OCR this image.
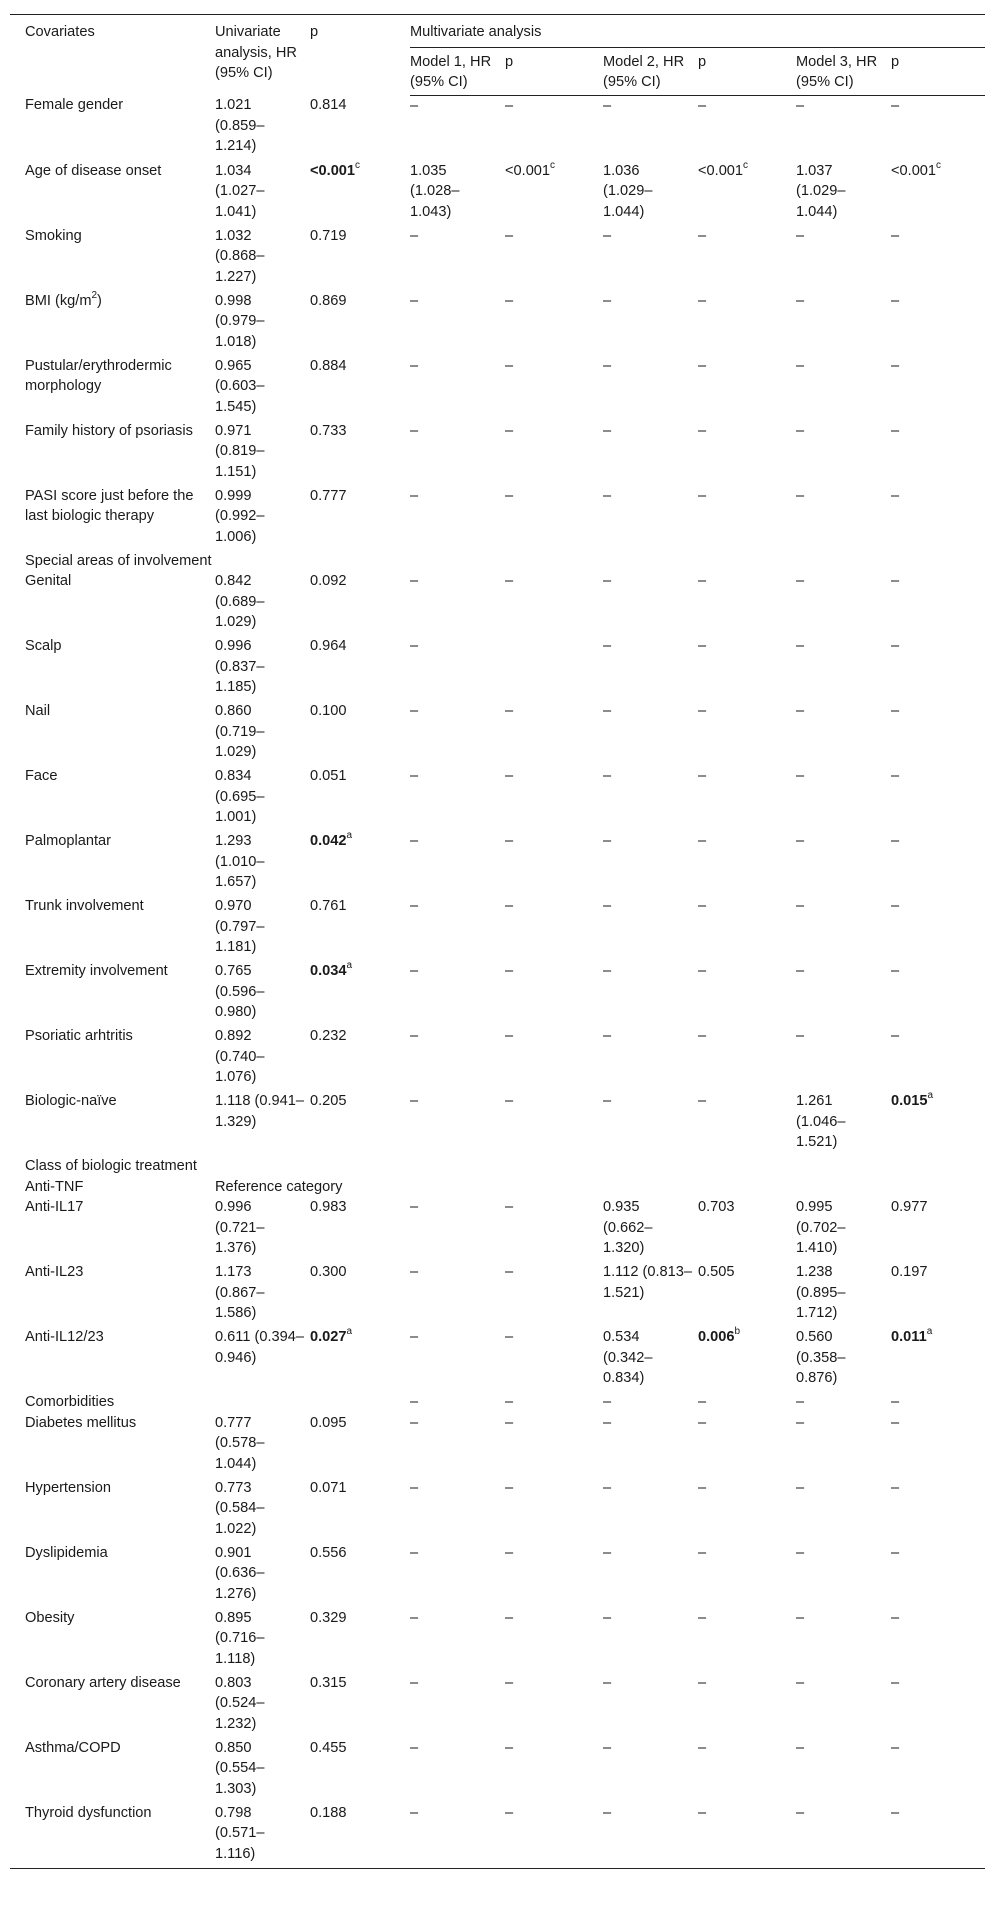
Covariates	Univariate analysis, HR (95% CI)	p	Multivariate analysis					
			Model 1, HR (95% CI)	p	Model 2, HR (95% CI)	p	Model 3, HR (95% CI)	p
Female gender	1.021 (0.859–1.214)	0.814	–	–	–	–	–	–
Age of disease onset	1.034 (1.027–1.041)	<0.001$^c$	1.035 (1.028–1.043)	<0.001$^c$	1.036 (1.029–1.044)	<0.001$^c$	1.037 (1.029–1.044)	<0.001$^c$
Smoking	1.032 (0.868–1.227)	0.719	–	–	–	–	–	–
BMI $(kg/m^2)$	0.998 (0.979–1.018)	0.869	–	–	–	–	–	–
Pustular/erythrodermic morphology	0.965 (0.603–1.545)	0.884	–	–	–	–	–	–
Family history of psoriasis	0.971 (0.819–1.151)	0.733	–	–	–	–	–	–
PASI score just before the last biologic therapy	0.999 (0.992–1.006)	0.777	–	–	–	–	–	–
Special areas of involvement								
Genital	0.842 (0.689–1.029)	0.092	–	–	–	–	–	–
Scalp	0.996 (0.837–1.185)	0.964	–		–	–	–	–
Nail	0.860 (0.719–1.029)	0.100	–	–	–	–	–	–
Face	0.834 (0.695–1.001)	0.051	–	–	–	–	–	–
Palmoplantar	1.293 (1.010–1.657)	0.042$^a$	–	–	–	–	–	–
Trunk involvement	0.970 (0.797–1.181)	0.761	–	–	–	–	–	–
Extremity involvement	0.765 (0.596–0.980)	0.034$^a$	–	–	–	–	–	–
Psoriatic arhtritis	0.892 (0.740–1.076)	0.232	–	–	–	–	–	–
Biologic-naïve	1.118 (0.941–1.329)	0.205	–	–	–	–	1.261 (1.046–1.521)	0.015$^a$
Class of biologic treatment								
Anti-TNF	Reference category							
Anti-IL17	0.996 (0.721–1.376)	0.983	–	–	0.935 (0.662–1.320)	0.703	0.995 (0.702–1.410)	0.977
Anti-IL23	1.173 (0.867–1.586)	0.300	–	–	1.112 (0.813–1.521)	0.505	1.238 (0.895–1.712)	0.197
Anti-IL12/23	0.611 (0.394–0.946)	0.027$^a$	–	–	0.534 (0.342–0.834)	0.006$^b$	0.560 (0.358–0.876)	0.011$^a$
Comorbidities			–	–	–	–	–	–
Diabetes mellitus	0.777 (0.578–1.044)	0.095	–	–	–	–	–	–
Hypertension	0.773 (0.584–1.022)	0.071	–	–	–	–	–	–
Dyslipidemia	0.901 (0.636–1.276)	0.556	–	–	–	–	–	–
Obesity	0.895 (0.716–1.118)	0.329	–	–	–	–	–	–
Coronary artery disease	0.803 (0.524–1.232)	0.315	–	–	–	–	–	–
Asthma/COPD	0.850 (0.554–1.303)	0.455	–	–	–	–	–	–
Thyroid dysfunction	0.798 (0.571–1.116)	0.188	–	–	–	–	–	–
